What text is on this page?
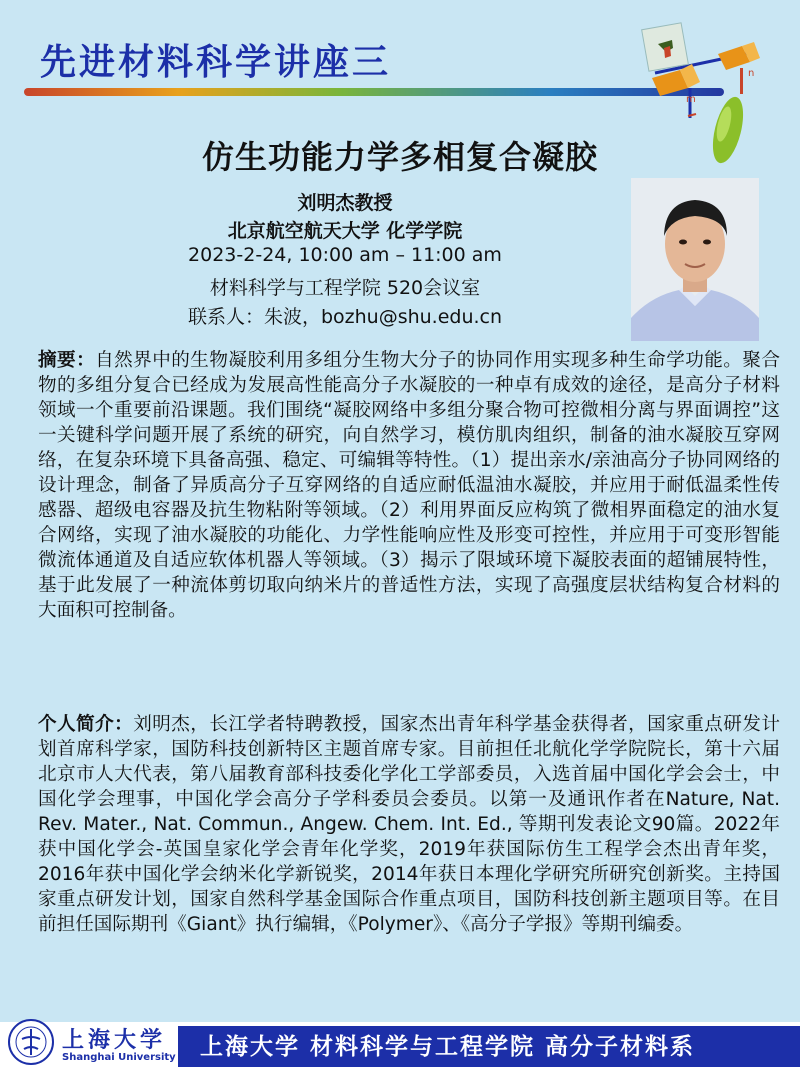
先进材料科学讲座三
m
n
仿生功能力学多相复合凝胶
刘明杰教授
北京航空航天大学 化学学院
2023-2-24, 10:00 am – 11:00 am
材料科学与工程学院 520会议室
联系人：朱波，bozhu@shu.edu.cn

摘要：自然界中的生物凝胶利用多组分生物大分子的协同作用实现多种生命学功能。聚合物的多组分复合已经成为发展高性能高分子水凝胶的一种卓有成效的途径，是高分子材料领域一个重要前沿课题。我们围绕“凝胶网络中多组分聚合物可控微相分离与界面调控”这一关键科学问题开展了系统的研究，向自然学习，模仿肌肉组织，制备的油水凝胶互穿网络，在复杂环境下具备高强、稳定、可编辑等特性。（1）提出亲水/亲油高分子协同网络的设计理念，制备了异质高分子互穿网络的自适应耐低温油水凝胶，并应用于耐低温柔性传感器、超级电容器及抗生物粘附等领域。（2）利用界面反应构筑了微相界面稳定的油水复合网络，实现了油水凝胶的功能化、力学性能响应性及形变可控性，并应用于可变形智能微流体通道及自适应软体机器人等领域。（3）揭示了限域环境下凝胶表面的超铺展特性，基于此发展了一种流体剪切取向纳米片的普适性方法，实现了高强度层状结构复合材料的大面积可控制备。

个人简介：刘明杰，长江学者特聘教授，国家杰出青年科学基金获得者，国家重点研发计划首席科学家，国防科技创新特区主题首席专家。目前担任北航化学学院院长，第十六届北京市人大代表，第八届教育部科技委化学化工学部委员，入选首届中国化学会会士，中国化学会理事，中国化学会高分子学科委员会委员。以第一及通讯作者在Nature, Nat. Rev. Mater., Nat. Commun., Angew. Chem. Int. Ed., 等期刊发表论文90篇。2022年获中国化学会-英国皇家化学会青年化学奖，2019年获国际仿生工程学会杰出青年奖，2016年获中国化学会纳米化学新锐奖，2014年获日本理化学研究所研究创新奖。主持国家重点研发计划，国家自然科学基金国际合作重点项目，国防科技创新主题项目等。在目前担任国际期刊《Giant》执行编辑，《Polymer》、《高分子学报》等期刊编委。

上海大学
Shanghai University	上海大学 材料科学与工程学院 高分子材料系
